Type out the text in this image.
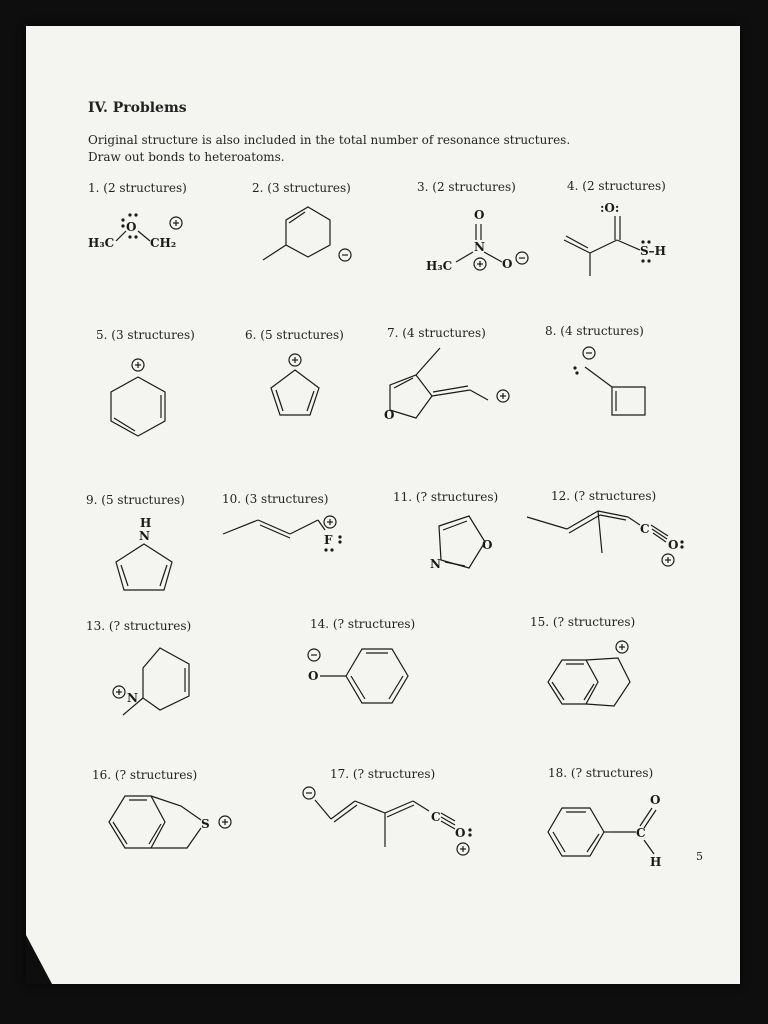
IV. Problems
Original structure is also included in the total number of resonance structures.
Draw out bonds to heteroatoms.
1. (2 structures)	2. (3 structures)	3. (2 structures)	4. (2 structures)
5. (3 structures)	6. (5 structures)	7. (4 structures)	8. (4 structures)
9. (5 structures)	10. (3 structures)	11. (? structures)	12. (? structures)
13. (? structures)	14. (? structures)	15. (? structures)
16. (? structures)	17. (? structures)	18. (? structures)
5
H₃C
O
CH₂
O
N
H₃C	O
:O:
S–H
O
H
N	F	O
N
C
O
N
O
S	C
O
O
C
H
